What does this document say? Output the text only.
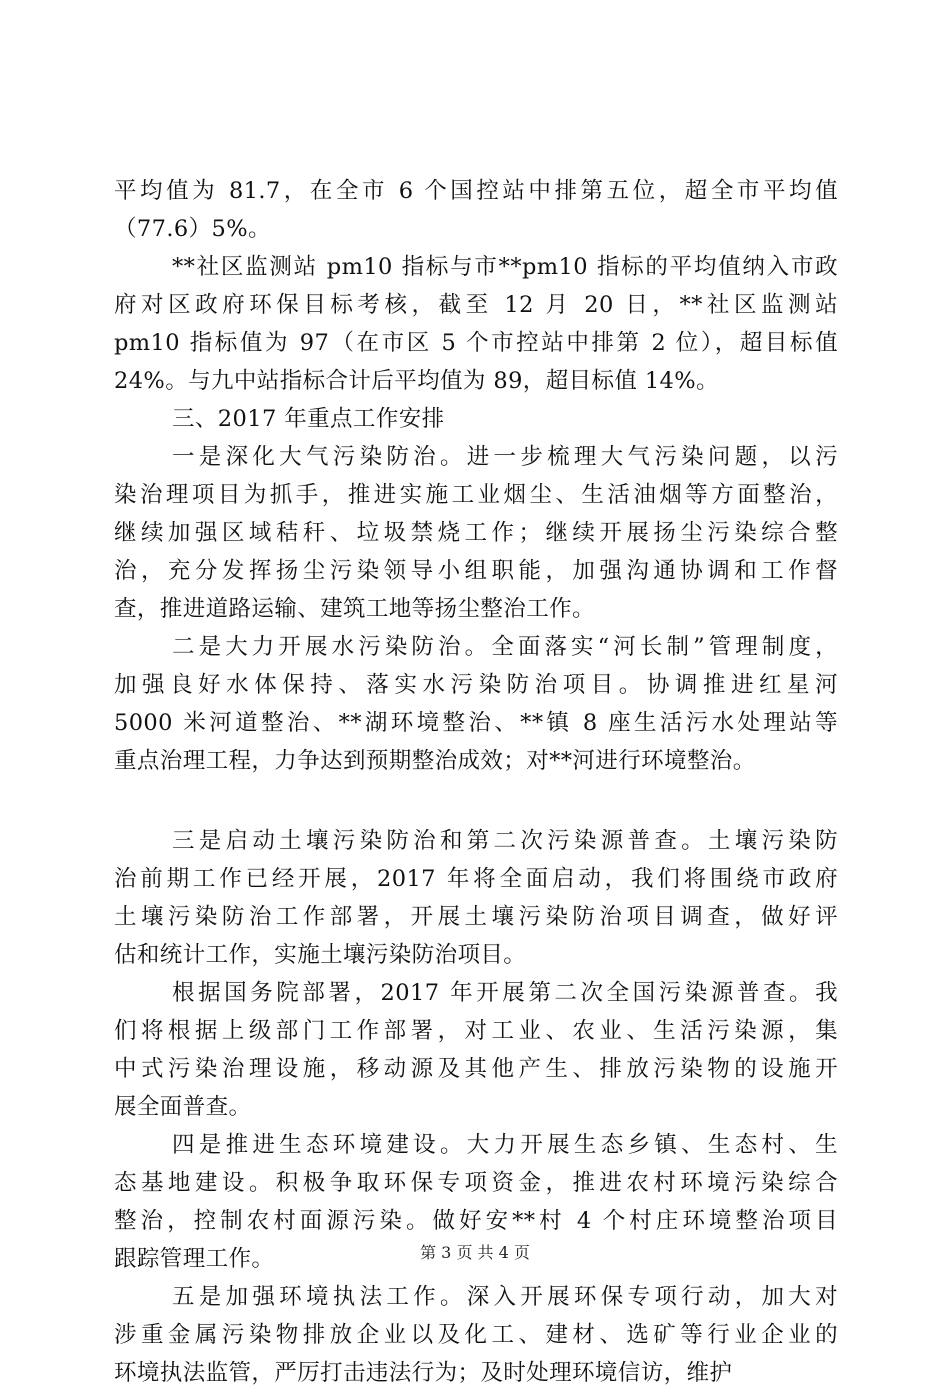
平均值为 81.7，在全市 6 个国控站中排第五位，超全市平均值
（77.6）5%。
**社区监测站 pm10 指标与市**pm10 指标的平均值纳入市政
府对区政府环保目标考核，截至 12 月 20 日，**社区监测站
pm10 指标值为 97（在市区 5 个市控站中排第 2 位），超目标值
24%。与九中站指标合计后平均值为 89，超目标值 14%。
三、2017 年重点工作安排
一是深化大气污染防治。进一步梳理大气污染问题，以污
染治理项目为抓手，推进实施工业烟尘、生活油烟等方面整治，
继续加强区域秸秆、垃圾禁烧工作；继续开展扬尘污染综合整
治，充分发挥扬尘污染领导小组职能，加强沟通协调和工作督
查，推进道路运输、建筑工地等扬尘整治工作。
二是大力开展水污染防治。全面落实“河长制”管理制度，
加强良好水体保持、落实水污染防治项目。协调推进红星河
5000 米河道整治、**湖环境整治、**镇 8 座生活污水处理站等
重点治理工程，力争达到预期整治成效；对**河进行环境整治。
三是启动土壤污染防治和第二次污染源普查。土壤污染防
治前期工作已经开展，2017 年将全面启动，我们将围绕市政府
土壤污染防治工作部署，开展土壤污染防治项目调查，做好评
估和统计工作，实施土壤污染防治项目。
根据国务院部署，2017 年开展第二次全国污染源普查。我
们将根据上级部门工作部署，对工业、农业、生活污染源，集
中式污染治理设施，移动源及其他产生、排放污染物的设施开
展全面普查。
四是推进生态环境建设。大力开展生态乡镇、生态村、生
态基地建设。积极争取环保专项资金，推进农村环境污染综合
整治，控制农村面源污染。做好安**村 4 个村庄环境整治项目
跟踪管理工作。
五是加强环境执法工作。深入开展环保专项行动，加大对
涉重金属污染物排放企业以及化工、建材、选矿等行业企业的
环境执法监管，严厉打击违法行为；及时处理环境信访，维护
第 3 页 共 4 页
